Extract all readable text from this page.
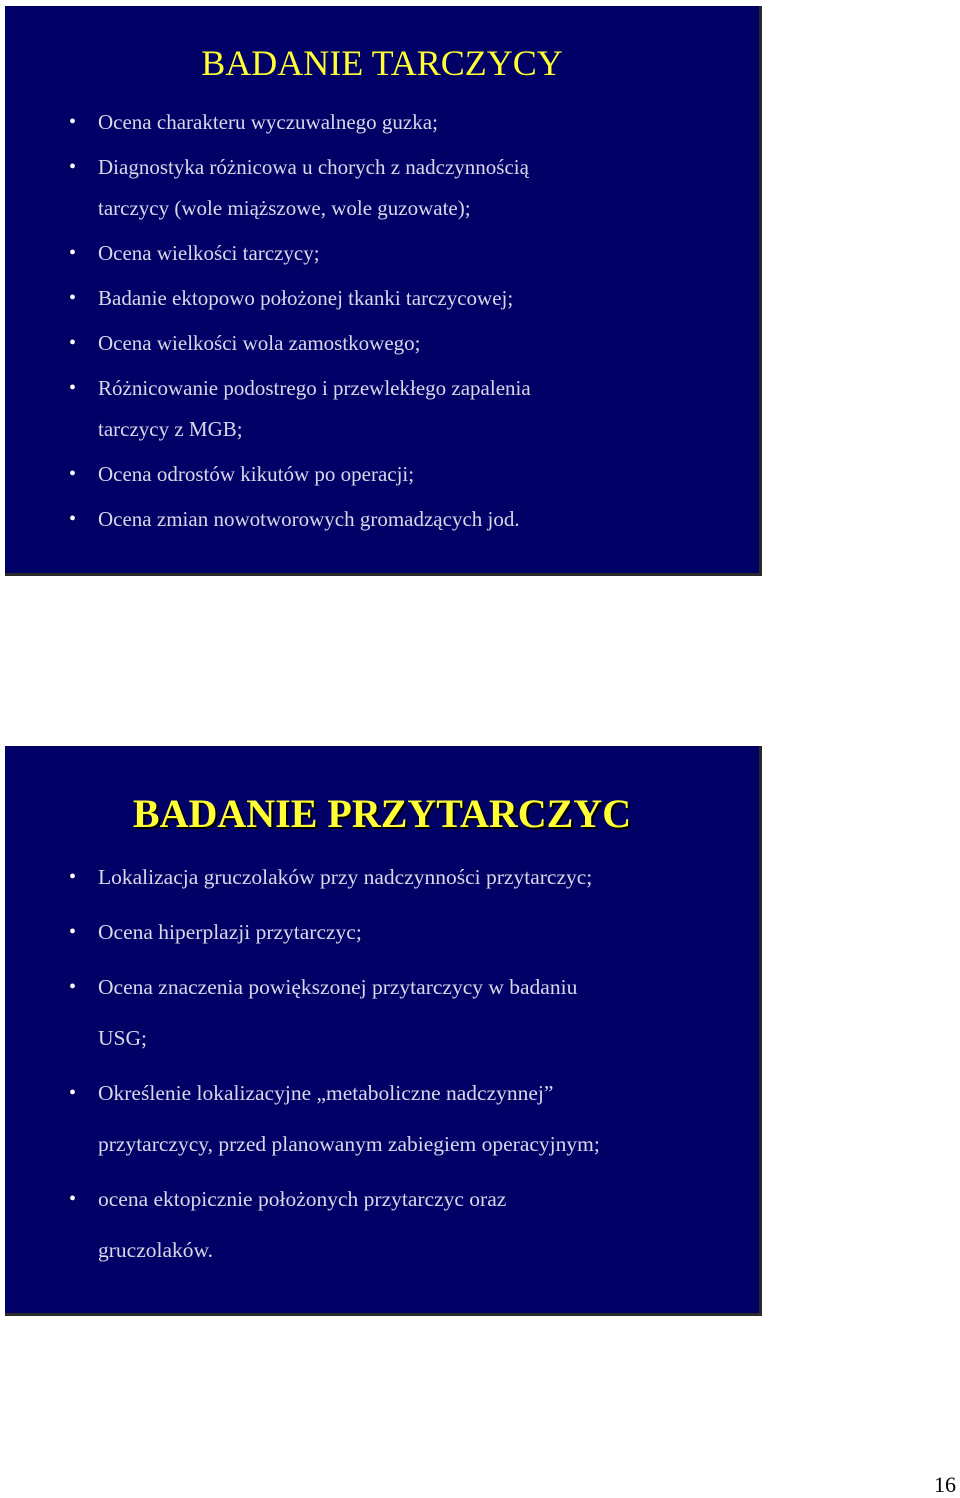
BADANIE TARCZYCY
• Ocena charakteru wyczuwalnego guzka;
• Diagnostyka różnicowa u chorych z nadczynnością
tarczycy (wole miąższowe, wole guzowate);
• Ocena wielkości tarczycy;
• Badanie ektopowo położonej tkanki tarczycowej;
• Ocena wielkości wola zamostkowego;
• Różnicowanie podostrego i przewlekłego zapalenia
tarczycy z MGB;
• Ocena odrostów kikutów po operacji;
• Ocena zmian nowotworowych gromadzących jod.
BADANIE PRZYTARCZYC
• Lokalizacja gruczolaków przy nadczynności przytarczyc;
• Ocena hiperplazji przytarczyc;
• Ocena znaczenia powiększonej przytarczycy w badaniu
USG;
• Określenie lokalizacyjne „metaboliczne nadczynnej”
przytarczycy, przed planowanym zabiegiem operacyjnym;
• ocena ektopicznie położonych przytarczyc oraz
gruczolaków.
16
